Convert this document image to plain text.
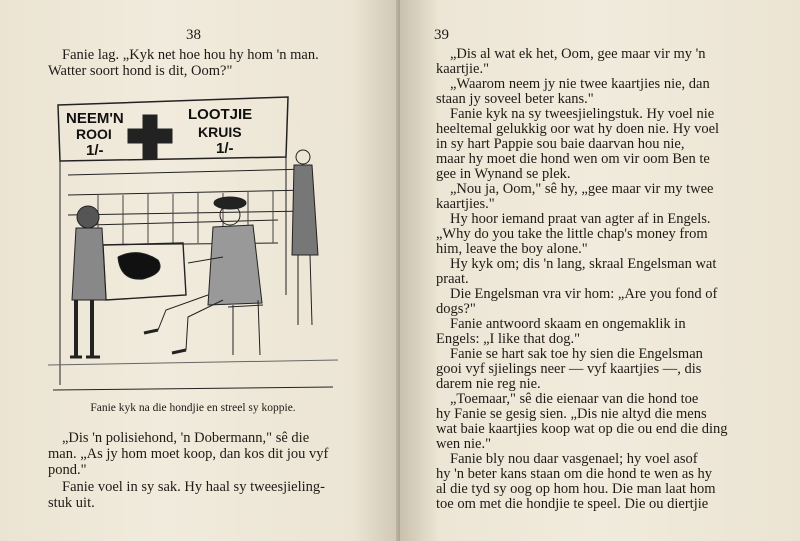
38

Fanie lag. „Kyk net hoe hou hy hom 'n man.

Watter soort hond is dit, Oom?"

NEEM'N	LOOTJIE
ROOI	KRUIS
1/-	1/-
Fanie kyk na die hondjie en streel sy koppie.

„Dis 'n polisiehond, 'n Dobermann," sê die

man. „As jy hom moet koop, dan kos dit jou vyf

pond."

Fanie voel in sy sak. Hy haal sy tweesjieling-

stuk uit.

39

„Dis al wat ek het, Oom, gee maar vir my 'n

kaartjie."

„Waarom neem jy nie twee kaartjies nie, dan

staan jy soveel beter kans."

Fanie kyk na sy tweesjielingstuk. Hy voel nie

heeltemal gelukkig oor wat hy doen nie. Hy voel

in sy hart Pappie sou baie daarvan hou nie,

maar hy moet die hond wen om vir oom Ben te

gee in Wynand se plek.

„Nou ja, Oom," sê hy, „gee maar vir my twee

kaartjies."

Hy hoor iemand praat van agter af in Engels.

„Why do you take the little chap's money from

him, leave the boy alone."

Hy kyk om; dis 'n lang, skraal Engelsman wat

praat.

Die Engelsman vra vir hom: „Are you fond of

dogs?"

Fanie antwoord skaam en ongemaklik in

Engels: „I like that dog."

Fanie se hart sak toe hy sien die Engelsman

gooi vyf sjielings neer — vyf kaartjies —, dis

darem nie reg nie.

„Toemaar," sê die eienaar van die hond toe

hy Fanie se gesig sien. „Dis nie altyd die mens

wat baie kaartjies koop wat op die ou end die ding

wen nie."

Fanie bly nou daar vasgenael; hy voel asof

hy 'n beter kans staan om die hond te wen as hy

al die tyd sy oog op hom hou. Die man laat hom

toe om met die hondjie te speel. Die ou diertjie
